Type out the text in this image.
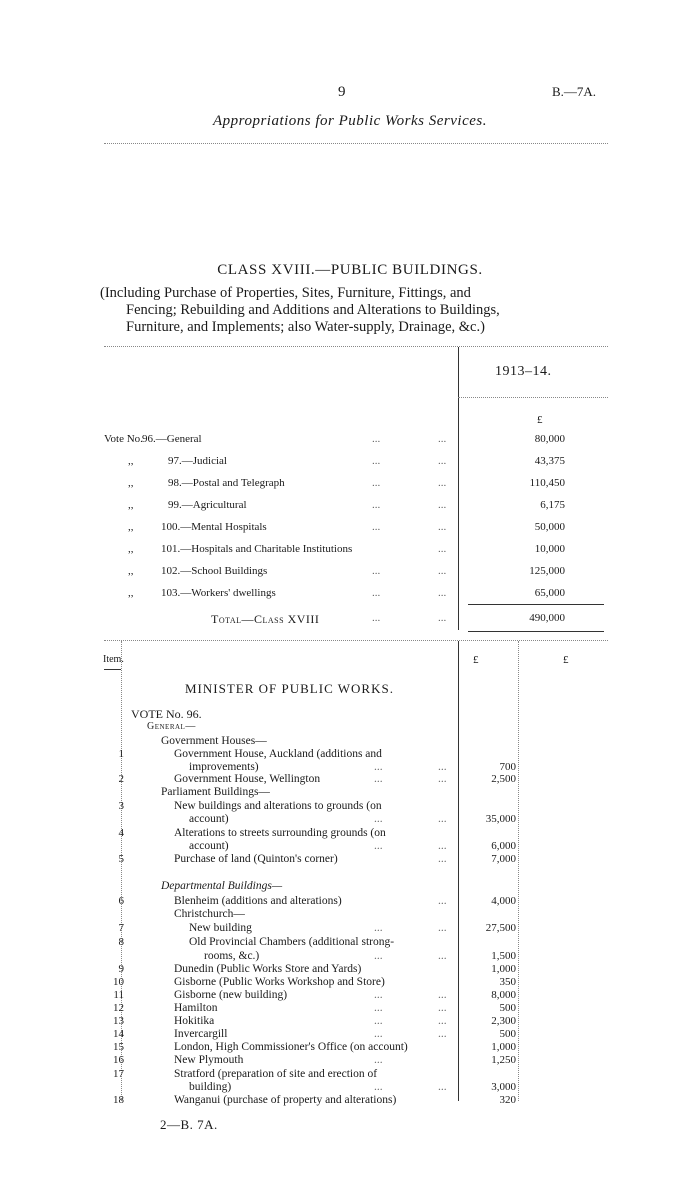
9	B.—7A.
Appropriations for Public Works Services.
CLASS XVIII.—PUBLIC BUILDINGS.
(Including Purchase of Properties, Sites, Furniture, Fittings, and
Fencing; Rebuilding and Additions and Alterations to Buildings,
Furniture, and Implements; also Water-supply, Drainage, &c.)
1913–14.
£
Vote No. 96.—General	...	...	80,000
,,	97.—Judicial	...	...	43,375
,,	98.—Postal and Telegraph	...	...	110,450
,,	99.—Agricultural	...	...	6,175
,,	100.—Mental Hospitals	...	...	50,000
,,	101.—Hospitals and Charitable Institutions	...	10,000
,,	102.—School Buildings	...	...	125,000
,,	103.—Workers' dwellings	...	...	65,000
Total—Class XVIII	...	...	490,000
Item.	£	£
MINISTER OF PUBLIC WORKS.
VOTE No. 96.
General—
Government Houses—
1	Government House, Auckland (additions and
improvements)	...	...	700
2	Government House, Wellington	...	...	2,500
Parliament Buildings—
3	New buildings and alterations to grounds (on
account)	...	...	35,000
4	Alterations to streets surrounding grounds (on
account)	...	...	6,000
5	Purchase of land (Quinton's corner)	...	7,000
Departmental Buildings—
6	Blenheim (additions and alterations)	...	4,000
Christchurch—
7	New building	...	...	27,500
8	Old Provincial Chambers (additional strong-
rooms, &c.)	...	...	1,500
9	Dunedin (Public Works Store and Yards)	1,000
10	Gisborne (Public Works Workshop and Store)	350
11	Gisborne (new building)	...	...	8,000
12	Hamilton	...	...	500
13	Hokitika	...	...	2,300
14	Invercargill	...	...	500
15	London, High Commissioner's Office (on account)	1,000
16	New Plymouth	...	1,250
17	Stratford (preparation of site and erection of
building)	...	...	3,000
18	Wanganui (purchase of property and alterations)	320
2—B. 7A.
